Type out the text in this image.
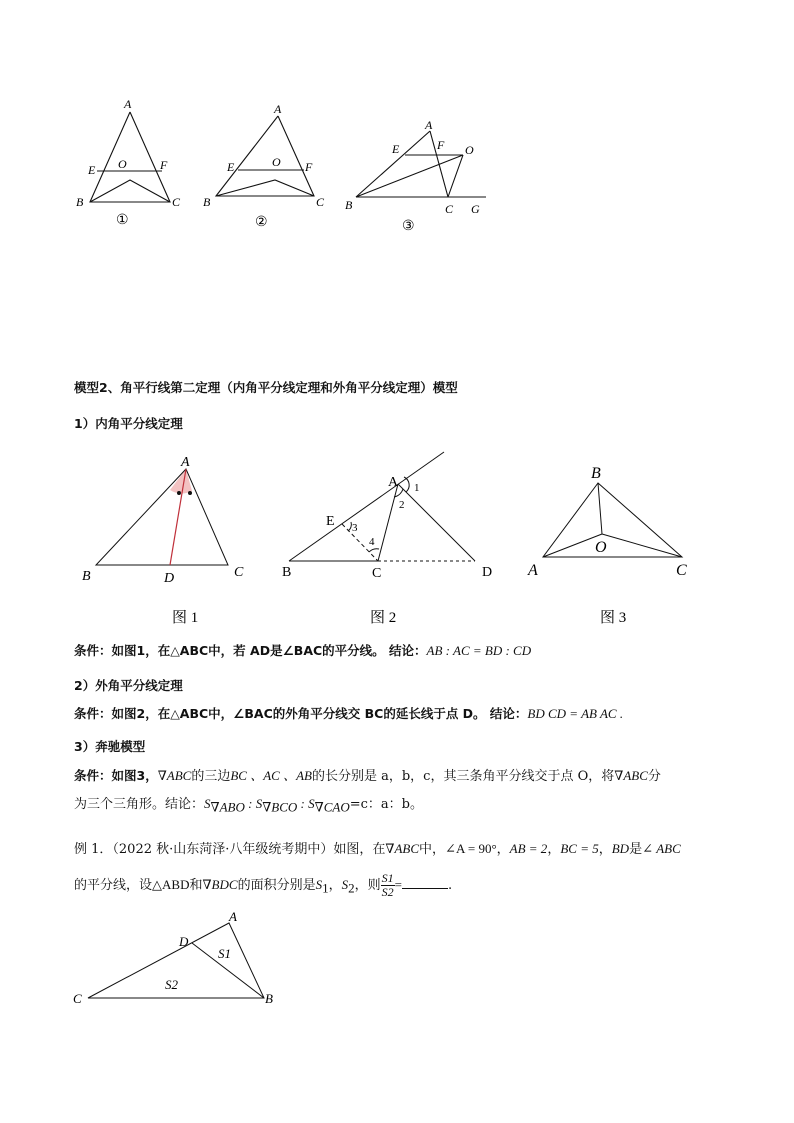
A
E O	F
B	C
①
A
E	O F
B	C
②
A
E	F O
B	C G
③
模型2、角平行线第二定理（内角平分线定理和外角平分线定理）模型
1）内角平分线定理
A
B	D	C
图 1
A
E
B	C	D
1
2
3
4
图 2
B
O
A	C
图 3
条件：如图1，在△ABC中，若 AD是∠BAC的平分线。 结论：AB : AC = BD : CD
2）外角平分线定理
条件：如图2，在△ABC中，∠BAC的外角平分线交 BC的延长线于点 D。 结论：BD CD = AB AC .
3）奔驰模型
条件：如图3，∇ABC的三边BC 、AC 、AB的长分别是 a，b，c，其三条角平分线交于点 O，将∇ABC分
为三个三角形。结论：$S_{\nabla ABO}$ : $S_{\nabla BCO}$ : $S_{\nabla CAO}=c$：a：b。
例 1．（2022 秋·山东菏泽·八年级统考期中）如图，在∇ABC中，∠A = 90°，AB = 2，BC = 5，BD是∠ ABC
的平分线，设△ABD和∇BDC的面积分别是$S_1$，$S_2$，则 $\frac{S1}{S2}$ =	.
A
D
S1
S2
C	B
